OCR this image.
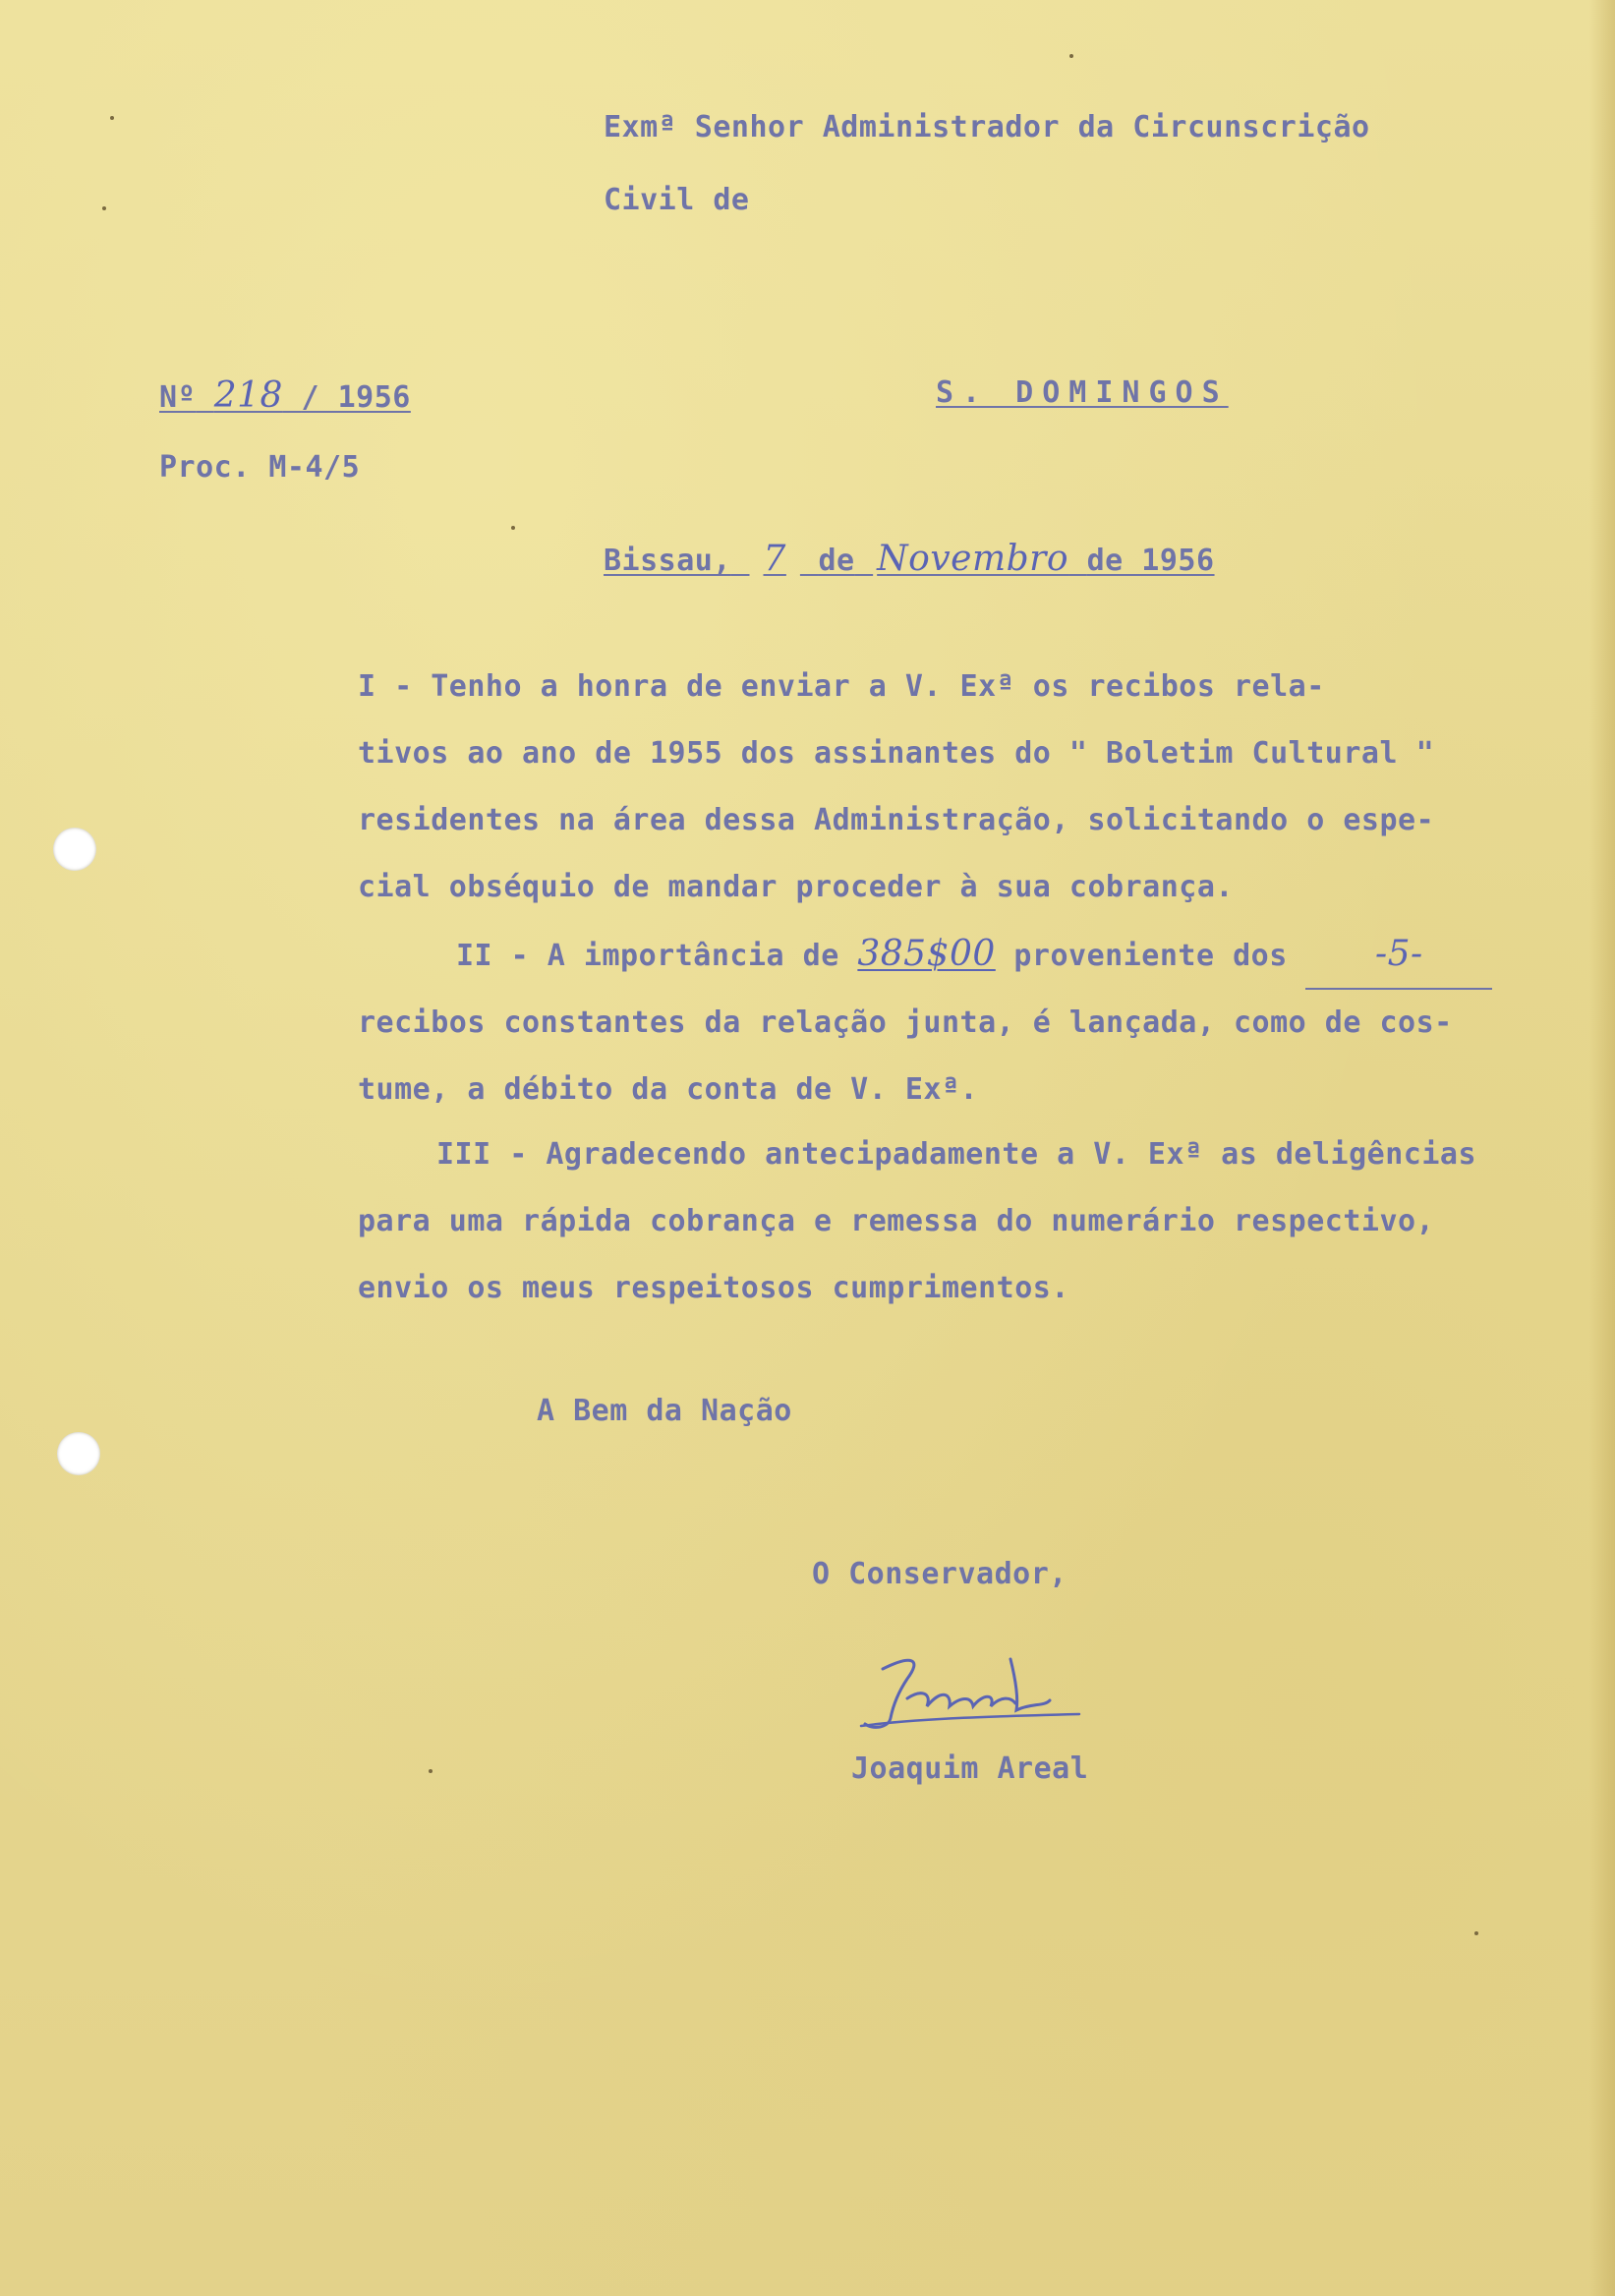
Exmª Senhor Administrador da Circunscrição
Civil de
Nº 218 / 1956
Proc. M-4/5
S. DOMINGOS
Bissau, 7 de Novembro de 1956
I - Tenho a honra de enviar a V. Exª os recibos rela-
tivos ao ano de 1955 dos assinantes do " Boletim Cultural "
residentes na área dessa Administração, solicitando o espe-
cial obséquio de mandar proceder à sua cobrança.
II - A importância de 385$00 proveniente dos -5-
recibos constantes da relação junta, é lançada, como de cos-
tume, a débito da conta de V. Exª.
III - Agradecendo antecipadamente a V. Exª as deligências
para uma rápida cobrança e remessa do numerário respectivo,
envio os meus respeitosos cumprimentos.
A Bem da Nação
O Conservador,
Joaquim Areal
